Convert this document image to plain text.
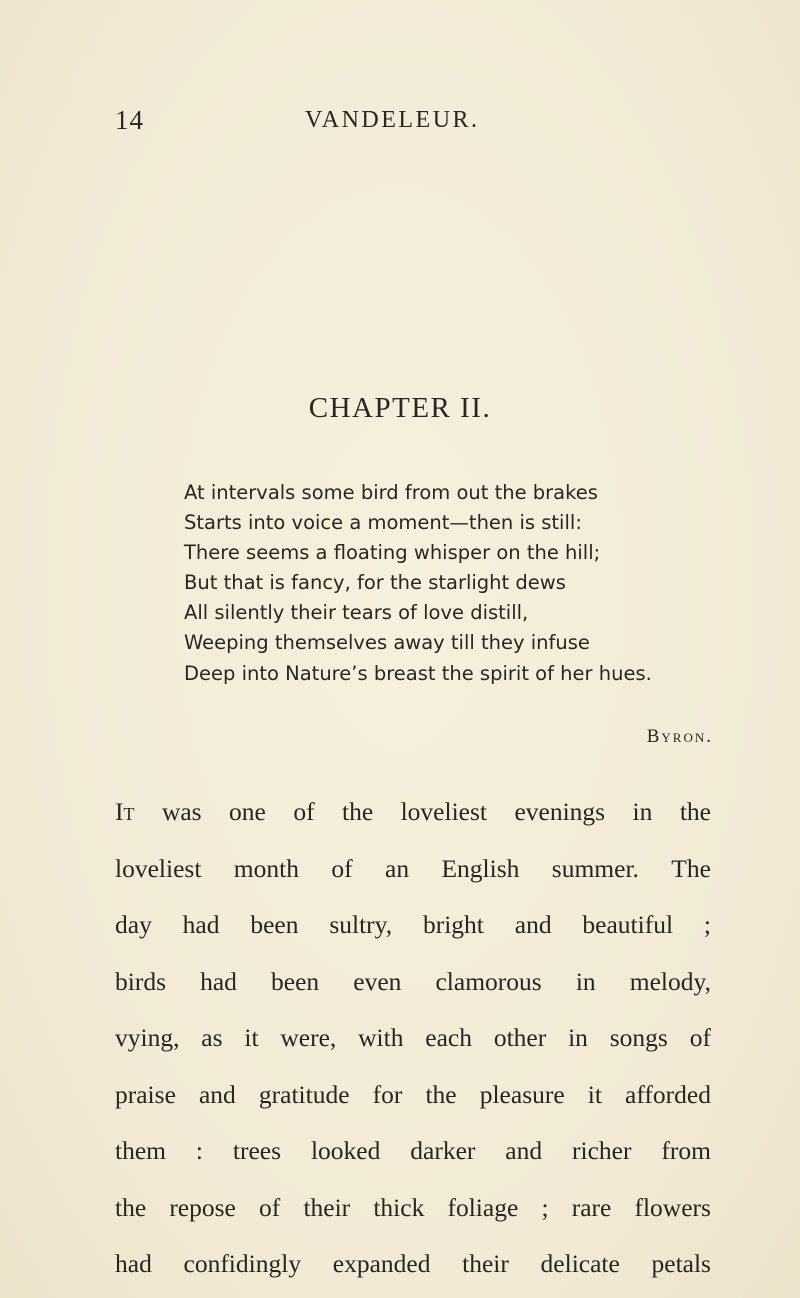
14	VANDELEUR.
CHAPTER II.
At intervals some bird from out the brakes
Starts into voice a moment—then is still:
There seems a floating whisper on the hill;
But that is fancy, for the starlight dews
All silently their tears of love distill,
Weeping themselves away till they infuse
Deep into Nature’s breast the spirit of her hues.
Byron.
It was one of the loveliest evenings in the
loveliest month of an English summer. The
day had been sultry, bright and beautiful ;
birds had been even clamorous in melody,
vying, as it were, with each other in songs of
praise and gratitude for the pleasure it afforded
them : trees looked darker and richer from
the repose of their thick foliage ; rare flowers
had confidingly expanded their delicate petals
